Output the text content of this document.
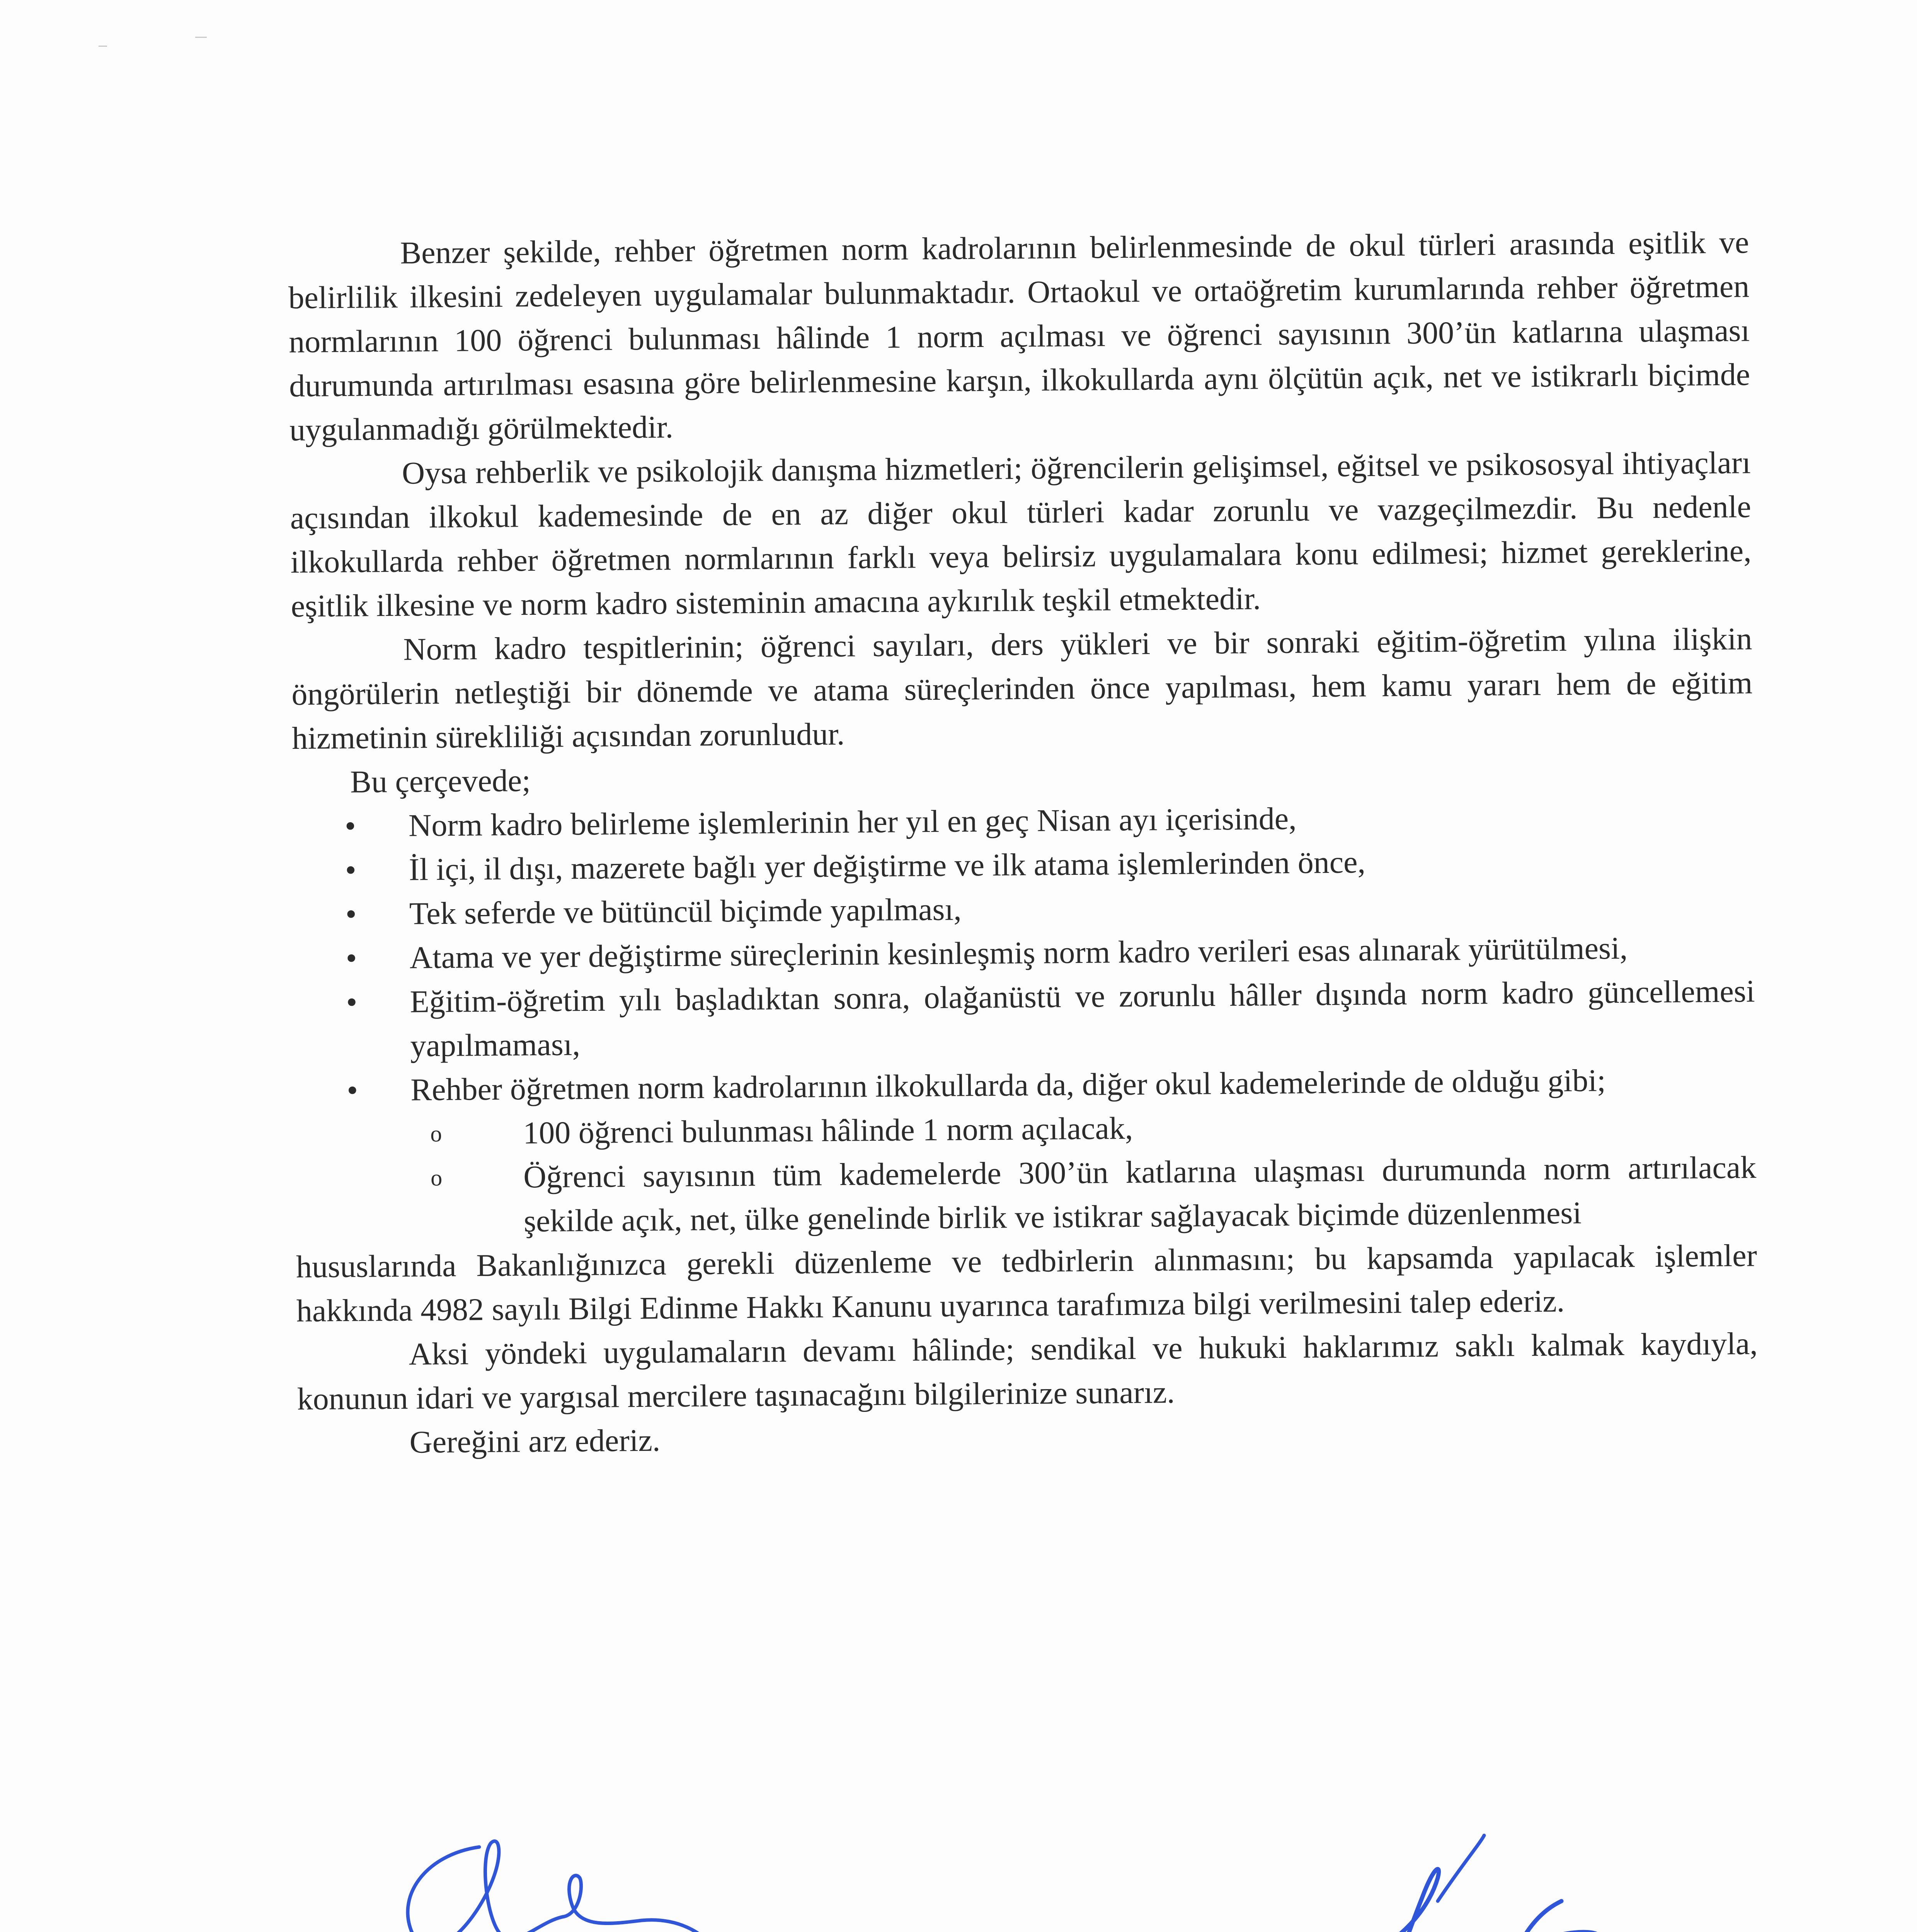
Benzer şekilde, rehber öğretmen norm kadrolarının belirlenmesinde de okul türleri arasında eşitlik ve belirlilik ilkesini zedeleyen uygulamalar bulunmaktadır. Ortaokul ve ortaöğretim kurumlarında rehber öğretmen normlarının 100 öğrenci bulunması hâlinde 1 norm açılması ve öğrenci sayısının 300’ün katlarına ulaşması durumunda artırılması esasına göre belirlenmesine karşın, ilkokullarda aynı ölçütün açık, net ve istikrarlı biçimde uygulanmadığı görülmektedir.

Oysa rehberlik ve psikolojik danışma hizmetleri; öğrencilerin gelişimsel, eğitsel ve psikososyal ihtiyaçları açısından ilkokul kademesinde de en az diğer okul türleri kadar zorunlu ve vazgeçilmezdir. Bu nedenle ilkokullarda rehber öğretmen normlarının farklı veya belirsiz uygulamalara konu edilmesi; hizmet gereklerine, eşitlik ilkesine ve norm kadro sisteminin amacına aykırılık teşkil etmektedir.

Norm kadro tespitlerinin; öğrenci sayıları, ders yükleri ve bir sonraki eğitim-öğretim yılına ilişkin öngörülerin netleştiği bir dönemde ve atama süreçlerinden önce yapılması, hem kamu yararı hem de eğitim hizmetinin sürekliliği açısından zorunludur.

Bu çerçevede;

• Norm kadro belirleme işlemlerinin her yıl en geç Nisan ayı içerisinde,
• İl içi, il dışı, mazerete bağlı yer değiştirme ve ilk atama işlemlerinden önce,
• Tek seferde ve bütüncül biçimde yapılması,
• Atama ve yer değiştirme süreçlerinin kesinleşmiş norm kadro verileri esas alınarak yürütülmesi,
• Eğitim-öğretim yılı başladıktan sonra, olağanüstü ve zorunlu hâller dışında norm kadro güncellemesi yapılmaması,
• Rehber öğretmen norm kadrolarının ilkokullarda da, diğer okul kademelerinde de olduğu gibi;
o	100 öğrenci bulunması hâlinde 1 norm açılacak,
o	Öğrenci sayısının tüm kademelerde 300’ün katlarına ulaşması durumunda norm artırılacak şekilde açık, net, ülke genelinde birlik ve istikrar sağlayacak biçimde düzenlenmesi

hususlarında Bakanlığınızca gerekli düzenleme ve tedbirlerin alınmasını; bu kapsamda yapılacak işlemler hakkında 4982 sayılı Bilgi Edinme Hakkı Kanunu uyarınca tarafımıza bilgi verilmesini talep ederiz.

Aksi yöndeki uygulamaların devamı hâlinde; sendikal ve hukuki haklarımız saklı kalmak kaydıyla, konunun idari ve yargısal mercilere taşınacağını bilgilerinize sunarız.

Gereğini arz ederiz.
